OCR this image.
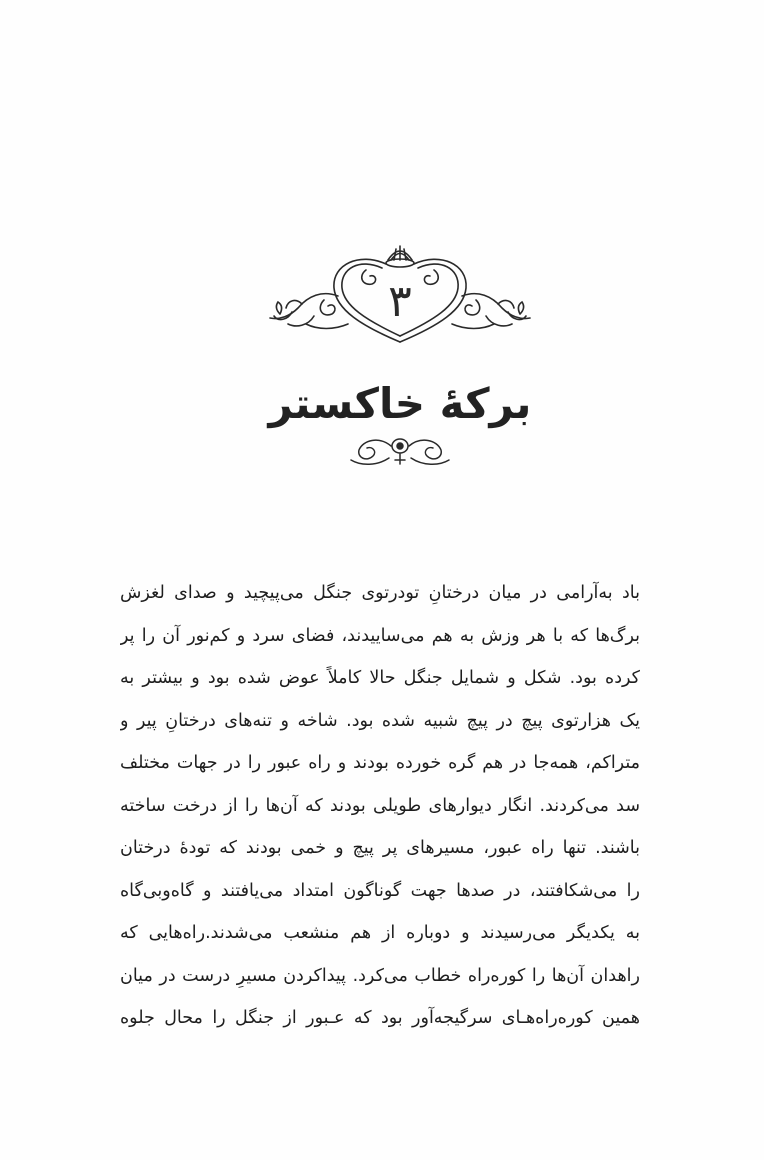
۳
برکۀ خاکستر
باد به‌آرامی در میان درختانِ تودرتوی جنگل می‌پیچید و صدای لغزش
برگ‌ها که با هر وزش به هم می‌ساییدند، فضای سرد و کم‌نور آن را پر
کرده بود. شکل و شمایل جنگل حالا کاملاً عوض شده بود و بیشتر به
یک هزارتوی پیچ در پیچ شبیه شده بود. شاخه و تنه‌های درختانِ پیر و
متراکم، همه‌جا در هم گره خورده بودند و راه عبور را در جهات مختلف
سد می‌کردند. انگار دیوارهای طویلی بودند که آن‌ها را از درخت ساخته
باشند. تنها راه عبور، مسیرهای پر پیچ و خمی بودند که تودۀ درختان
را می‌شکافتند، در صدها جهت گوناگون امتداد می‌یافتند و گاه‌وبی‌گاه
به یکدیگر می‌رسیدند و دوباره از هم منشعب می‌شدند.راه‌هایی که
راهدان آن‌ها را کوره‌راه خطاب می‌کرد. پیداکردن مسیرِ درست در میان
همین کوره‌راه‌هـای سرگیجه‌آور بود که عـبور از جنگل را محال جلوه
